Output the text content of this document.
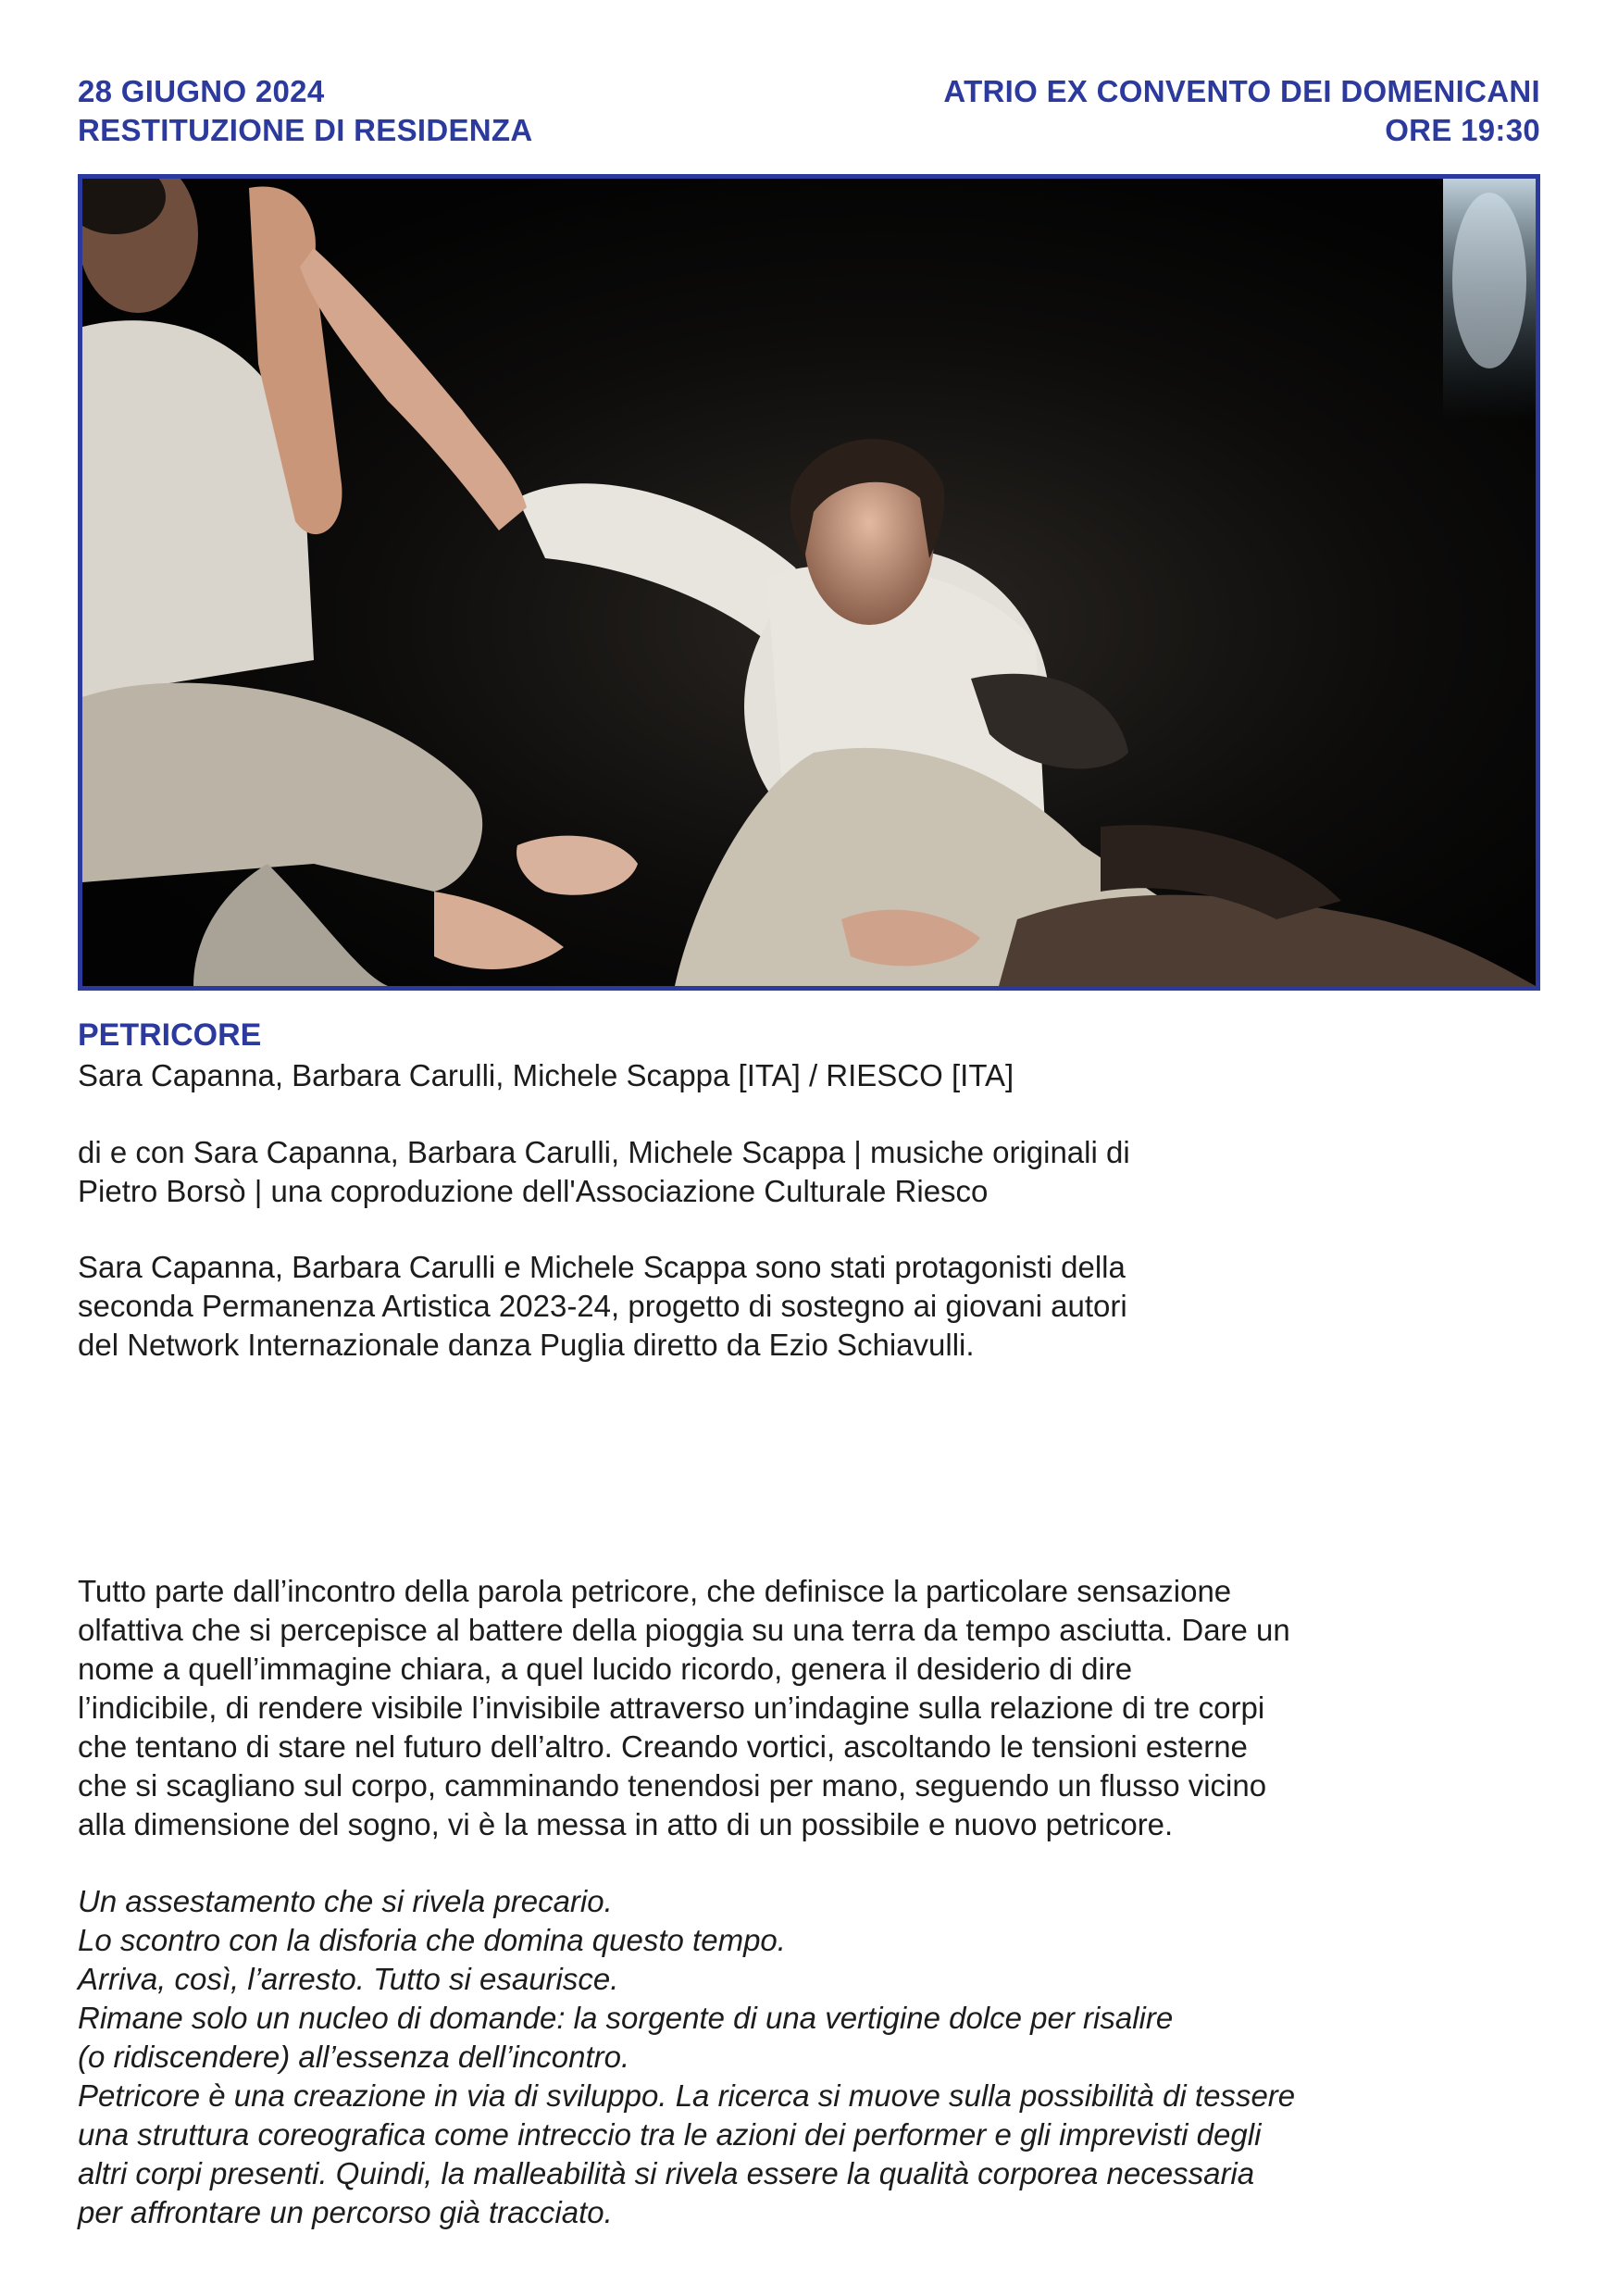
28 GIUGNO 2024
RESTITUZIONE DI RESIDENZA
ATRIO EX CONVENTO DEI DOMENICANI
ORE 19:30
PETRICORE
Sara Capanna, Barbara Carulli, Michele Scappa [ITA] / RIESCO [ITA]
di e con Sara Capanna, Barbara Carulli, Michele Scappa | musiche originali di
Pietro Borsò | una coproduzione dell'Associazione Culturale Riesco
Sara Capanna, Barbara Carulli e Michele Scappa sono stati protagonisti della
seconda Permanenza Artistica 2023-24, progetto di sostegno ai giovani autori
del Network Internazionale danza Puglia diretto da Ezio Schiavulli.
Tutto parte dall’incontro della parola petricore, che definisce la particolare sensazione
olfattiva che si percepisce al battere della pioggia su una terra da tempo asciutta. Dare un
nome a quell’immagine chiara, a quel lucido ricordo, genera il desiderio di dire
l’indicibile, di rendere visibile l’invisibile attraverso un’indagine sulla relazione di tre corpi
che tentano di stare nel futuro dell’altro. Creando vortici, ascoltando le tensioni esterne
che si scagliano sul corpo, camminando tenendosi per mano, seguendo un flusso vicino
alla dimensione del sogno, vi è la messa in atto di un possibile e nuovo petricore.
Un assestamento che si rivela precario.
Lo scontro con la disforia che domina questo tempo.
Arriva, così, l’arresto. Tutto si esaurisce.
Rimane solo un nucleo di domande: la sorgente di una vertigine dolce per risalire
(o ridiscendere) all’essenza dell’incontro.
Petricore è una creazione in via di sviluppo. La ricerca si muove sulla possibilità di tessere
una struttura coreografica come intreccio tra le azioni dei performer e gli imprevisti degli
altri corpi presenti. Quindi, la malleabilità si rivela essere la qualità corporea necessaria
per affrontare un percorso già tracciato.
